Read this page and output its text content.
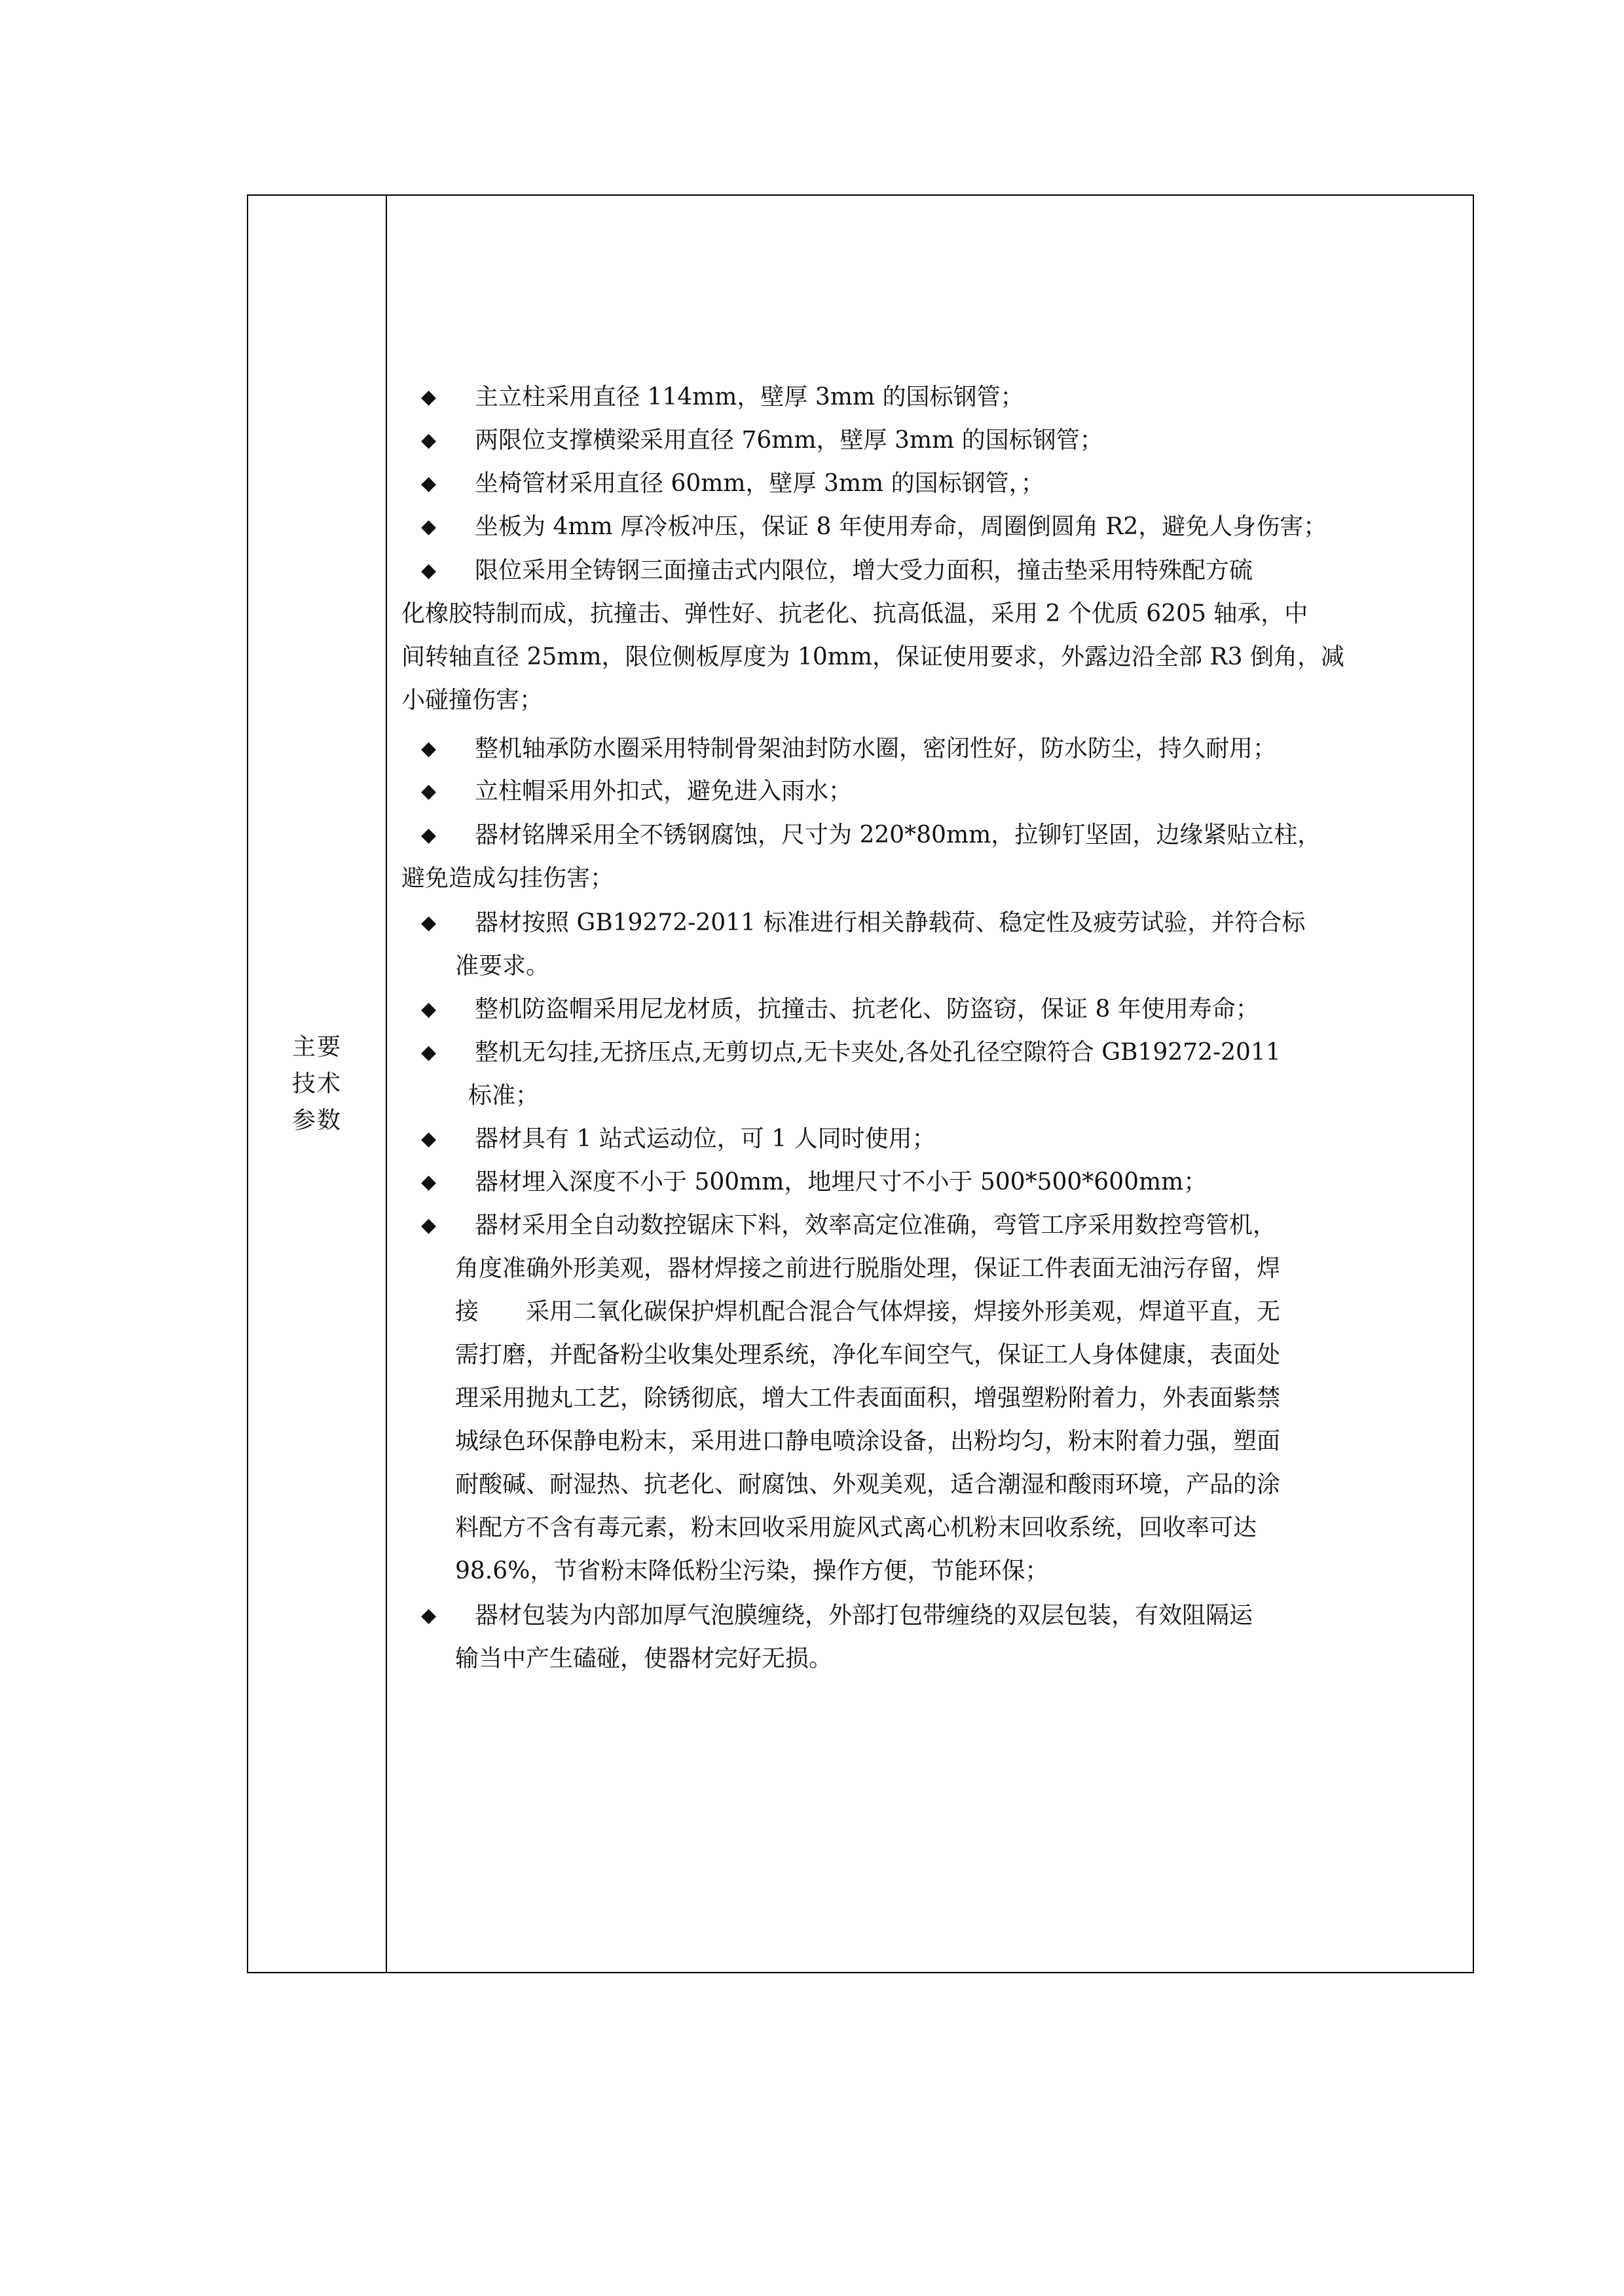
主要
技术
参数
◆	主立柱采用直径 114mm，壁厚 3mm 的国标钢管；
◆	两限位支撑横梁采用直径 76mm，壁厚 3mm 的国标钢管；
◆	坐椅管材采用直径 60mm，壁厚 3mm 的国标钢管，；
◆	坐板为 4mm 厚冷板冲压，保证 8 年使用寿命，周圈倒圆角 R2，避免人身伤害；
◆	限位采用全铸钢三面撞击式内限位，增大受力面积，撞击垫采用特殊配方硫
化橡胶特制而成，抗撞击、弹性好、抗老化、抗高低温，采用 2 个优质 6205 轴承，中
间转轴直径 25mm，限位侧板厚度为 10mm，保证使用要求，外露边沿全部 R3 倒角，减
小碰撞伤害；
◆	整机轴承防水圈采用特制骨架油封防水圈，密闭性好，防水防尘，持久耐用；
◆	立柱帽采用外扣式，避免进入雨水；
◆	器材铭牌采用全不锈钢腐蚀，尺寸为 220*80mm，拉铆钉坚固，边缘紧贴立柱，
避免造成勾挂伤害；
◆	器材按照 GB19272-2011 标准进行相关静载荷、稳定性及疲劳试验，并符合标
准要求。
◆	整机防盗帽采用尼龙材质，抗撞击、抗老化、防盗窃，保证 8 年使用寿命；
◆	整机无勾挂,无挤压点,无剪切点,无卡夹处,各处孔径空隙符合 GB19272-2011
标准；
◆	器材具有 1 站式运动位，可 1 人同时使用；
◆	器材埋入深度不小于 500mm，地埋尺寸不小于 500*500*600mm；
◆	器材采用全自动数控锯床下料，效率高定位准确，弯管工序采用数控弯管机，
角度准确外形美观，器材焊接之前进行脱脂处理，保证工件表面无油污存留，焊
接　　采用二氧化碳保护焊机配合混合气体焊接，焊接外形美观，焊道平直，无
需打磨，并配备粉尘收集处理系统，净化车间空气，保证工人身体健康，表面处
理采用抛丸工艺，除锈彻底，增大工件表面面积，增强塑粉附着力，外表面紫禁
城绿色环保静电粉末，采用进口静电喷涂设备，出粉均匀，粉末附着力强，塑面
耐酸碱、耐湿热、抗老化、耐腐蚀、外观美观，适合潮湿和酸雨环境，产品的涂
料配方不含有毒元素，粉末回收采用旋风式离心机粉末回收系统，回收率可达
98.6%，节省粉末降低粉尘污染，操作方便，节能环保；
◆	器材包装为内部加厚气泡膜缠绕，外部打包带缠绕的双层包装，有效阻隔运
输当中产生磕碰，使器材完好无损。
